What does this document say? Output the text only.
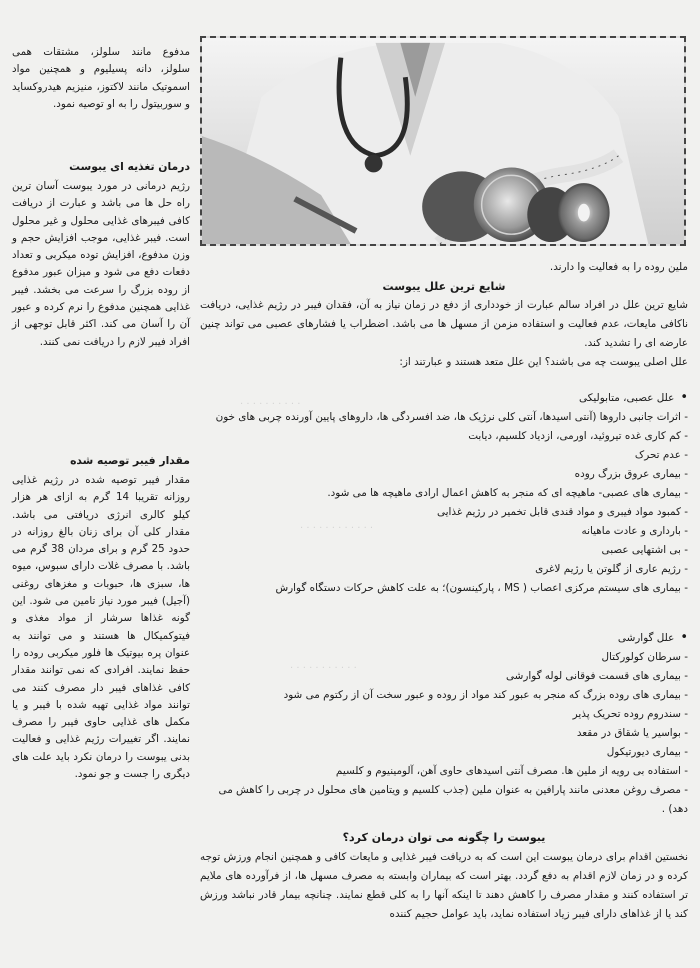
. . . . . . . . . .
. . . . . . . . . . . .
. . . . . . . . . . .

مدفوع مانند سلولز، مشتقات همی سلولز، دانه پسیلیوم و همچنین مواد اسموتیک مانند لاکتوز، منیزیم هیدروکساید و سوربیتول را به او توصیه نمود.

درمان تغذیه ای یبوست

رژیم درمانی در مورد یبوست آسان ترین راه حل ها می باشد و عبارت از دریافت کافی فیبرهای غذایی محلول و غیر محلول است. فیبر غذایی، موجب افزایش حجم و وزن مدفوع، افزایش توده میکربی و تعداد دفعات دفع می شود و میزان عبور مدفوع از روده بزرگ را سرعت می بخشد. فیبر غذایی همچنین مدفوع را نرم کرده و عبور آن را آسان می کند. اکثر قابل توجهی از افراد فیبر لازم را دریافت نمی کنند.

مقدار فیبر توصیه شده

مقدار فیبر توصیه شده در رژیم غذایی روزانه تقریبا 14 گرم به ازای هر هزار کیلو کالری انرژی دریافتی می باشد. مقدار کلی آن برای زنان بالغ روزانه در حدود 25 گرم و برای مردان 38 گرم می باشد. با مصرف غلات دارای سبوس، میوه ها، سبزی ها، حبوبات و مغزهای روغنی (آجیل) فیبر مورد نیاز تامین می شود. این گونه غذاها سرشار از مواد مغذی و فیتوکمیکال ها هستند و می توانند به عنوان پره بیوتیک ها فلور میکربی روده را حفظ نمایند. افرادی که نمی توانند مقدار کافی غذاهای فیبر دار مصرف کنند می توانند مواد غذایی تهیه شده با فیبر و یا مکمل های غذایی حاوی فیبر را مصرف نمایند. اگر تغییرات رژیم غذایی و فعالیت بدنی یبوست را درمان نکرد باید علت های دیگری را جست و جو نمود.

ملین روده را به فعالیت وا دارند.

شایع ترین علل یبوست

شایع ترین علل در افراد سالم عبارت از خودداری از دفع در زمان نیاز به آن، فقدان فیبر در رژیم غذایی، دریافت ناکافی مایعات، عدم فعالیت و استفاده مزمن از مسهل ها می باشد. اضطراب یا فشارهای عصبی می تواند چنین عارضه ای را تشدید کند.

علل اصلی یبوست چه می باشند؟ این علل متعد هستند و عبارتند از:

• علل عصبی، متابولیکی

- اثرات جانبی داروها (آنتی اسیدها، آنتی کلی نرژیک ها، ضد افسردگی ها، داروهای پایین آورنده چربی های خون
- کم کاری غده تیروئید، اورمی، ازدیاد کلسیم، دیابت
- عدم تحرک
- بیماری عروق بزرگ روده
- بیماری های عصبی- ماهیچه ای که منجر به کاهش اعمال ارادی ماهیچه ها می شود.
- کمبود مواد فیبری و مواد قندی قابل تخمیر در رژیم غذایی
- بارداری و عادت ماهیانه
- بی اشتهایی عصبی
- رژیم عاری از گلوتن یا رژیم لاغری
- بیماری های سیستم مرکزی اعصاب ( MS ، پارکینسون)؛ به علت کاهش حرکات دستگاه گوارش

• علل گوارشی

- سرطان کولورکتال
- بیماری های قسمت فوقانی لوله گوارشی
- بیماری های روده بزرگ که منجر به عبور کند مواد از روده و عبور سخت آن از رکتوم می شود
- سندروم روده تحریک پذیر
- بواسیر یا شقاق در مقعد
- بیماری دیورتیکول
- استفاده بی رویه از ملین ها. مصرف آنتی اسیدهای حاوی آهن، آلومینیوم و کلسیم
- مصرف روغن معدنی مانند پارافین به عنوان ملین (جذب کلسیم و ویتامین های محلول در چربی را کاهش می دهد) .

یبوست را چگونه می توان درمان کرد؟

نخستین اقدام برای درمان یبوست این است که به دریافت فیبر غذایی و مایعات کافی و همچنین انجام ورزش توجه کرده و در زمان لازم اقدام به دفع گردد. بهتر است که بیماران وابسته به مصرف مسهل ها، از فرآورده های ملایم تر استفاده کنند و مقدار مصرف را کاهش دهند تا اینکه آنها را به کلی قطع نمایند. چنانچه بیمار قادر نباشد ورزش کند یا از غذاهای دارای فیبر زیاد استفاده نماید، باید عوامل حجیم کننده
